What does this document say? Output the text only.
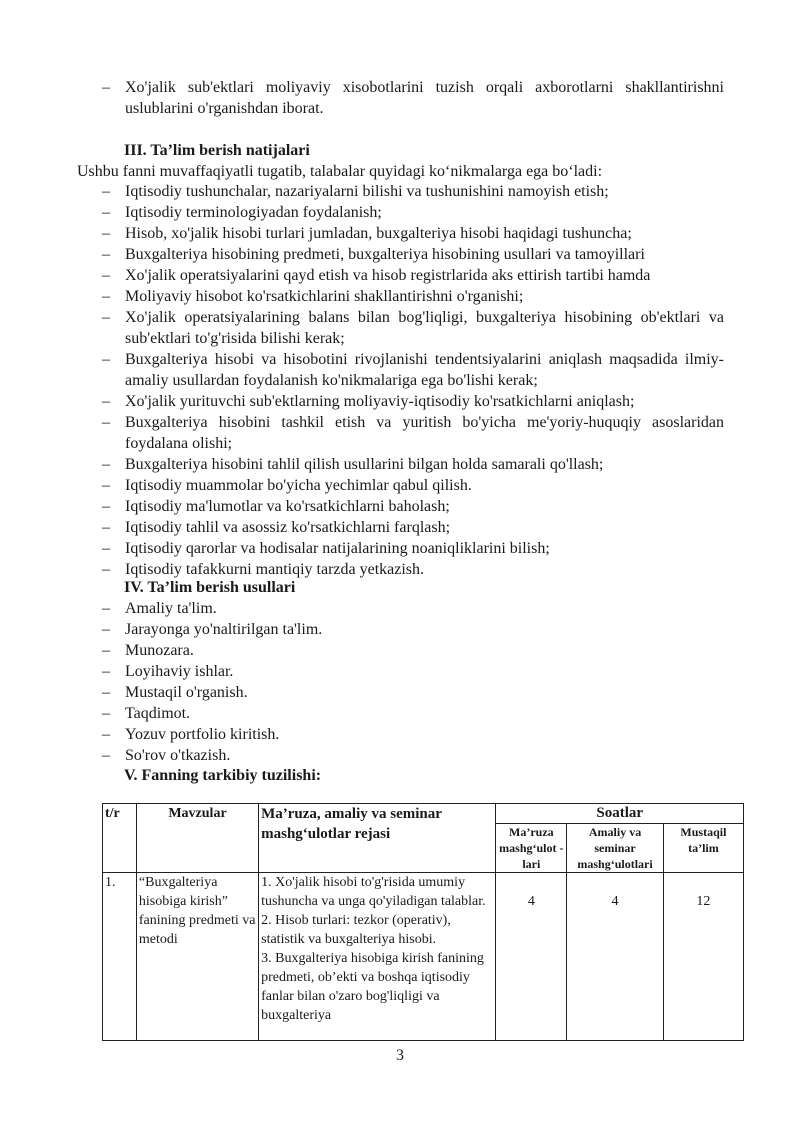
– Xo'jalik sub'ektlari moliyaviy xisobotlarini tuzish orqali axborotlarni shakllantirishni uslublarini o'rganishdan iborat.
III. Ta’lim berish natijalari
Ushbu fanni muvaffaqiyatli tugatib, talabalar quyidagi ko‘nikmalarga ega bo‘ladi:
– Iqtisodiy tushunchalar, nazariyalarni bilishi va tushunishini namoyish etish;
– Iqtisodiy terminologiyadan foydalanish;
– Hisob, xo'jalik hisobi turlari jumladan, buxgalteriya hisobi haqidagi tushuncha;
– Buxgalteriya hisobining predmeti, buxgalteriya hisobining usullari va tamoyillari
– Xo'jalik operatsiyalarini qayd etish va hisob registrlarida aks ettirish tartibi hamda
– Moliyaviy hisobot ko'rsatkichlarini shakllantirishni o'rganishi;
– Xo'jalik operatsiyalarining balans bilan bog'liqligi, buxgalteriya hisobining ob'ektlari va sub'ektlari to'g'risida bilishi kerak;
– Buxgalteriya hisobi va hisobotini rivojlanishi tendentsiyalarini aniqlash maqsadida ilmiy-amaliy usullardan foydalanish ko'nikmalariga ega bo'lishi kerak;
– Xo'jalik yurituvchi sub'ektlarning moliyaviy-iqtisodiy ko'rsatkichlarni aniqlash;
– Buxgalteriya hisobini tashkil etish va yuritish bo'yicha me'yoriy-huquqiy asoslaridan foydalana olishi;
– Buxgalteriya hisobini tahlil qilish usullarini bilgan holda samarali qo'llash;
– Iqtisodiy muammolar bo'yicha yechimlar qabul qilish.
– Iqtisodiy ma'lumotlar va ko'rsatkichlarni baholash;
– Iqtisodiy tahlil va asossiz ko'rsatkichlarni farqlash;
– Iqtisodiy qarorlar va hodisalar natijalarining noaniqliklarini bilish;
– Iqtisodiy tafakkurni mantiqiy tarzda yetkazish.
IV. Ta’lim berish usullari
– Amaliy ta'lim.
– Jarayonga yo'naltirilgan ta'lim.
– Munozara.
– Loyihaviy ishlar.
– Mustaqil o'rganish.
– Taqdimot.
– Yozuv portfolio kiritish.
– So'rov o'tkazish.
V. Fanning tarkibiy tuzilishi:
t/r	Mavzular	Ma’ruza, amaliy va seminar mashg‘ulotlar rejasi	Soatlar		
			Ma’ruza mashg‘ulot -lari	Amaliy va seminar mashg‘ulotlari	Mustaqil ta’lim
1.	“Buxgalteriya hisobiga kirish” fanining predmeti va metodi	1. Xo'jalik hisobi to'g'risida umumiy tushuncha va unga qo'yiladigan talablar.
2. Hisob turlari: tezkor (operativ), statistik va buxgalteriya hisobi.
3. Buxgalteriya hisobiga kirish fanining predmeti, ob’ekti va boshqa iqtisodiy fanlar bilan o'zaro bog'liqligi va buxgalteriya	4	4	12
3
